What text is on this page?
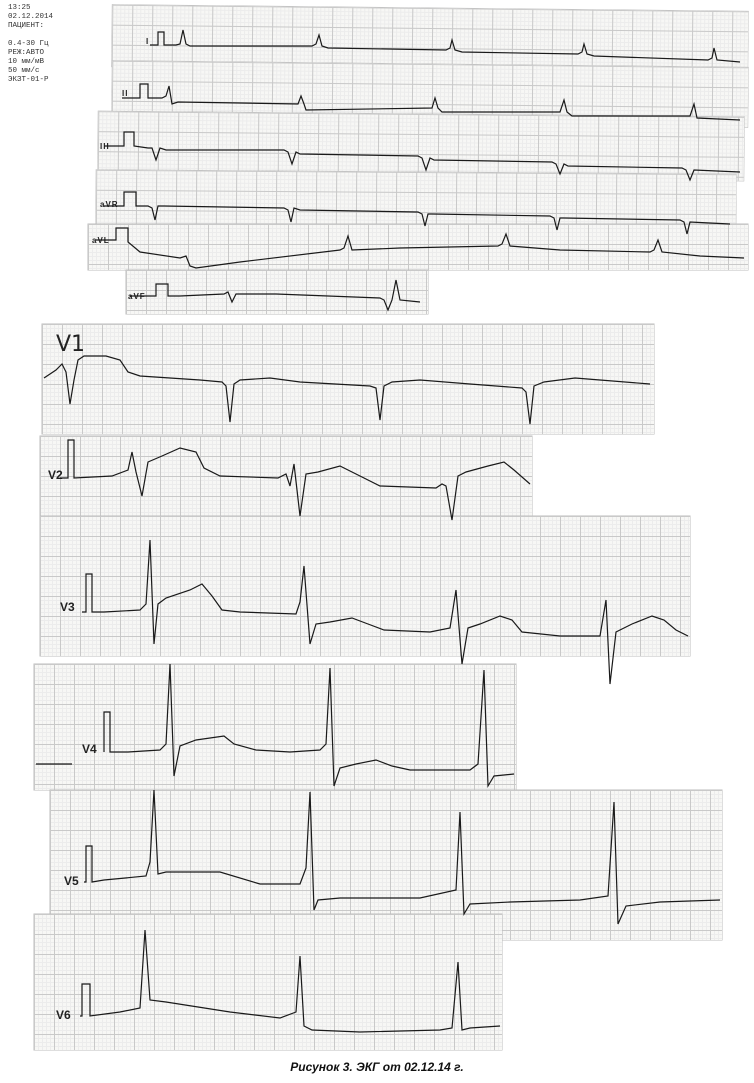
13:25
02.12.2014
ПАЦИЕНТ:
0.4-30 Гц
РЕЖ:АВТО
10 мм/мВ
50 мм/с
ЭКЗТ-01-Р
I
II
III
aVR
aVL
aVF
V1
V2
V3
V4
V5
V6
Рисунок 3. ЭКГ от 02.12.14 г.
